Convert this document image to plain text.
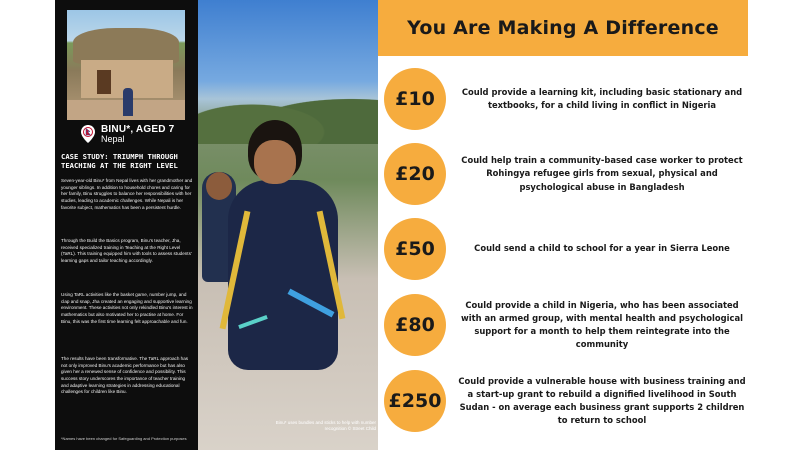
BINU*, AGED 7
Nepal
CASE STUDY: TRIUMPH THROUGH TEACHING AT THE RIGHT LEVEL

Seven-year-old Binu* from Nepal lives with her grandmother and younger siblings. In addition to household chores and caring for her family, Binu struggles to balance her responsibilities with her studies, leading to academic challenges. While Nepali is her favorite subject, mathematics has been a persistent hurdle.

Through the Build the Basics program, Binu's teacher, Jha, received specialized training in Teaching at the Right Level (TaRL). This training equipped him with tools to assess students' learning gaps and tailor teaching accordingly.

Using TaRL activities like the basket game, number jump, and clap and snap, Jha created an engaging and supportive learning environment. These activities not only rekindled Binu's interest in mathematics but also motivated her to practise at home. For Binu, this was the first time learning felt approachable and fun.

The results have been transformative. The TaRL approach has not only improved Binu's academic performance but has also given her a renewed sense of confidence and possibility. This success story underscores the importance of teacher training and adaptive learning strategies in addressing educational challenges for children like Binu.

*Names have been changed for Safeguarding and Protection purposes
Binu* uses bundles and sticks to help with number recognition © Street Child
You Are Making A Difference
£10	Could provide a learning kit, including basic stationary and textbooks, for a child living in conflict in Nigeria
£20
Could help train a community-based case worker to protect Rohingya refugee girls from sexual, physical and psychological abuse in Bangladesh
£50	Could send a child to school for a year in Sierra Leone
£80
Could provide a child in Nigeria, who has been associated with an armed group, with mental health and psychological support for a month to help them reintegrate into the community
£250
Could provide a vulnerable house with business training and a start-up grant to rebuild a dignified livelihood in South Sudan - on average each business grant supports 2 children to return to school
